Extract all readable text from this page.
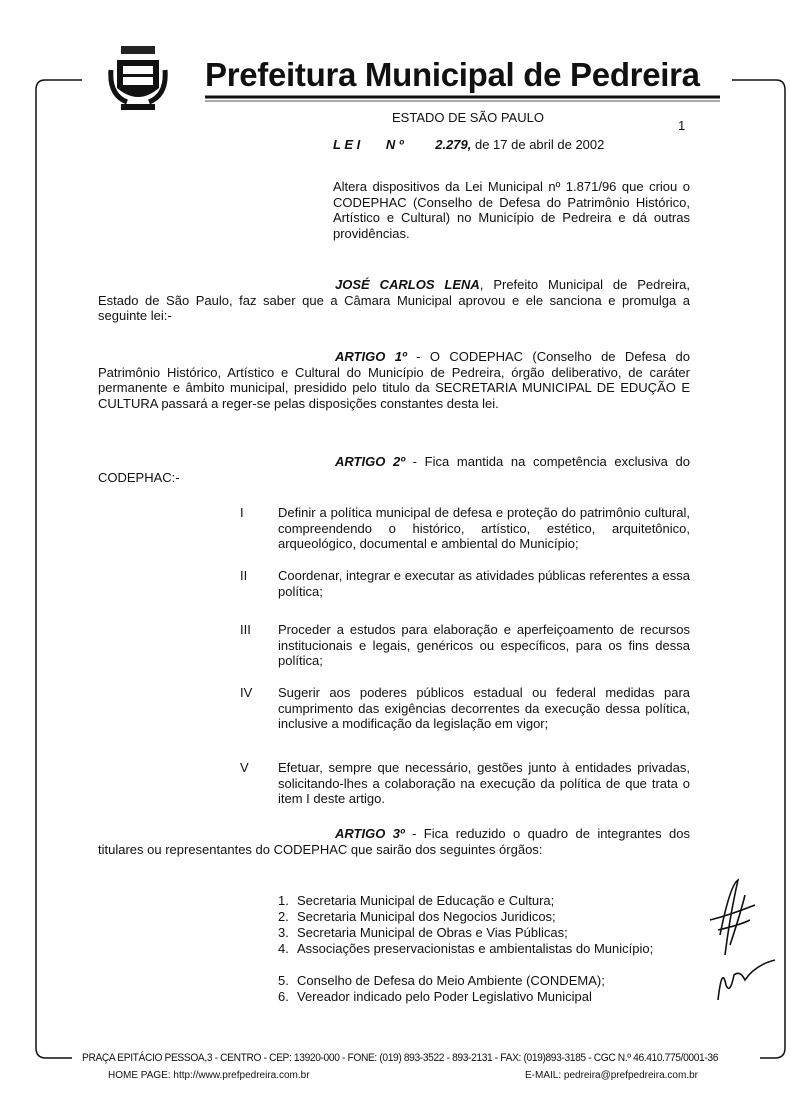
Prefeitura Municipal de Pedreira
ESTADO DE SÃO PAULO
1
L E I N º 2.279, de 17 de abril de 2002
Altera dispositivos da Lei Municipal nº 1.871/96 que criou o CODEPHAC (Conselho de Defesa do Patrimônio Histórico, Artístico e Cultural) no Município de Pedreira e dá outras providências.
JOSÉ CARLOS LENA, Prefeito Municipal de Pedreira, Estado de São Paulo, faz saber que a Câmara Municipal aprovou e ele sanciona e promulga a seguinte lei:-
ARTIGO 1º - O CODEPHAC (Conselho de Defesa do Patrimônio Histórico, Artístico e Cultural do Município de Pedreira, órgão deliberativo, de caráter permanente e âmbito municipal, presidido pelo titulo da SECRETARIA MUNICIPAL DE EDUÇÃO E CULTURA passará a reger-se pelas disposições constantes desta lei.
ARTIGO 2º - Fica mantida na competência exclusiva do CODEPHAC:-
I	Definir a política municipal de defesa e proteção do patrimônio cultural, compreendendo o histórico, artístico, estético, arquitetônico, arqueológico, documental e ambiental do Município;
II Coordenar, integrar e executar as atividades públicas referentes a essa política;
III Proceder a estudos para elaboração e aperfeiçoamento de recursos institucionais e legais, genéricos ou específicos, para os fins dessa política;
IV Sugerir aos poderes públicos estadual ou federal medidas para cumprimento das exigências decorrentes da execução dessa política, inclusive a modificação da legislação em vigor;
V Efetuar, sempre que necessário, gestões junto à entidades privadas, solicitando-lhes a colaboração na execução da política de que trata o item I deste artigo.
ARTIGO 3º - Fica reduzido o quadro de integrantes dos titulares ou representantes do CODEPHAC que sairão dos seguintes órgãos:
1. Secretaria Municipal de Educação e Cultura;
2. Secretaria Municipal dos Negocios Juridicos;
3. Secretaria Municipal de Obras e Vias Públicas;
4. Associações preservacionistas e ambientalistas do Município;
5. Conselho de Defesa do Meio Ambiente (CONDEMA);
6. Vereador indicado pelo Poder Legislativo Municipal
PRAÇA EPITÁCIO PESSOA,3 - CENTRO - CEP: 13920-000 - FONE: (019) 893-3522 - 893-2131 - FAX: (019)893-3185 - CGC N.º 46.410.775/0001-36
HOME PAGE: http://www.prefpedreira.com.br	E-MAIL: pedreira@prefpedreira.com.br
